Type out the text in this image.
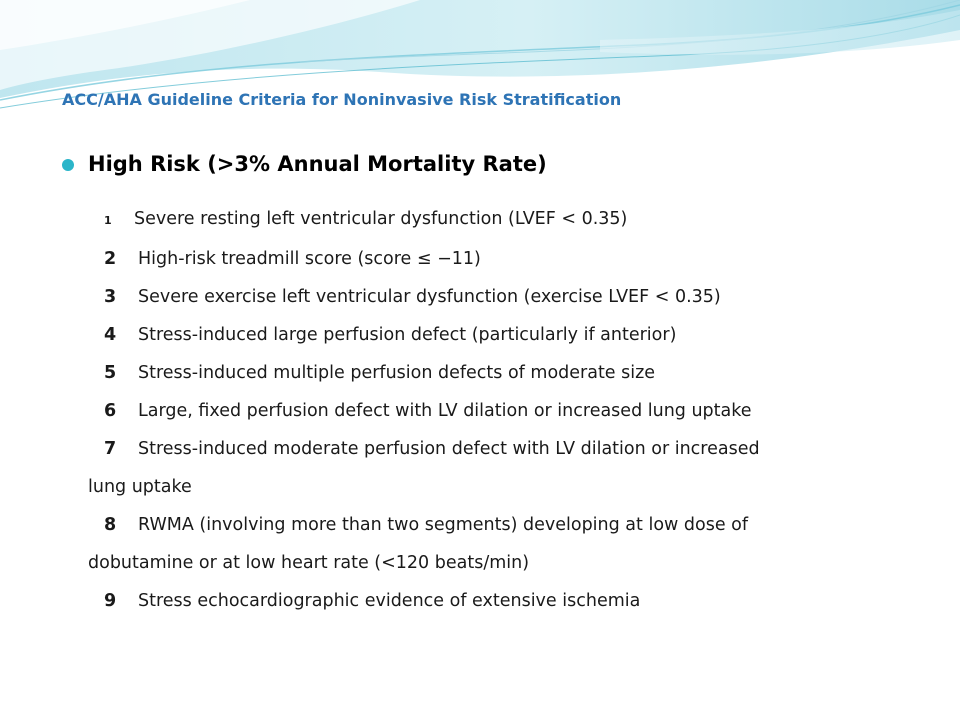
ACC/AHA Guideline Criteria for Noninvasive Risk Stratification
High Risk (>3% Annual Mortality Rate)
1 Severe resting left ventricular dysfunction (LVEF < 0.35)
2 High-risk treadmill score (score ≤ −11)
3 Severe exercise left ventricular dysfunction (exercise LVEF < 0.35)
4 Stress-induced large perfusion defect (particularly if anterior)
5 Stress-induced multiple perfusion defects of moderate size
6 Large, fixed perfusion defect with LV dilation or increased lung uptake
7 Stress-induced moderate perfusion defect with LV dilation or increased
lung uptake
8 RWMA (involving more than two segments) developing at low dose of
dobutamine or at low heart rate (<120 beats/min)
9 Stress echocardiographic evidence of extensive ischemia
